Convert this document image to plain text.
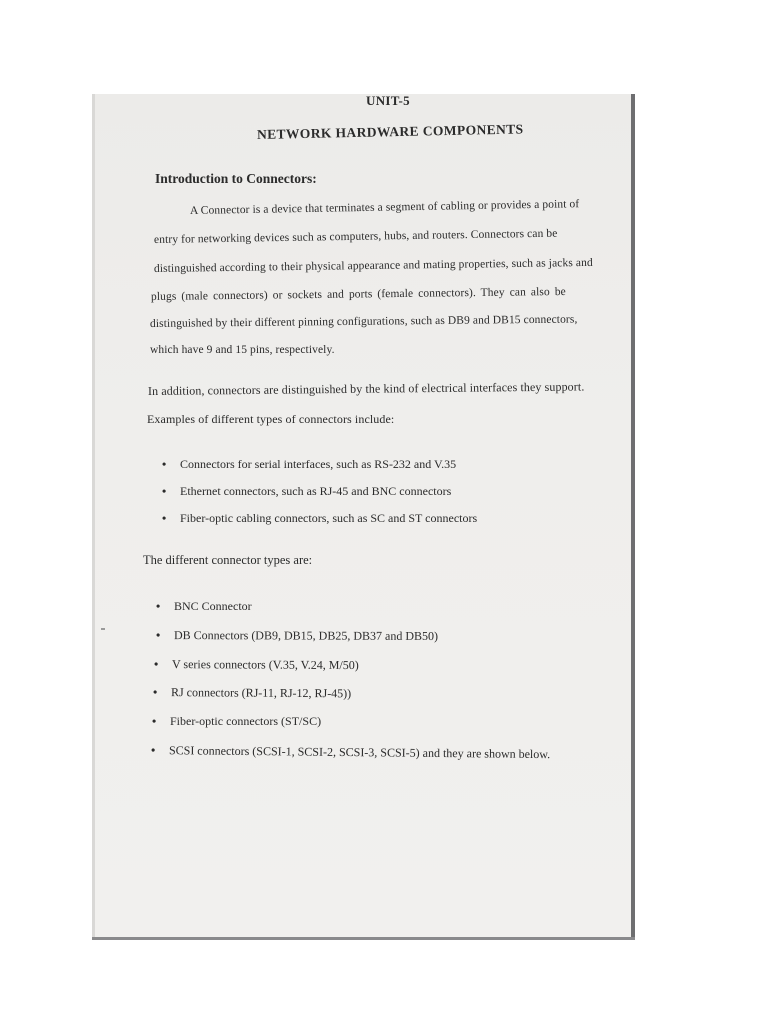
UNIT-5
NETWORK HARDWARE COMPONENTS
Introduction to Connectors:
A Connector is a device that terminates a segment of cabling or provides a point of
entry for networking devices such as computers, hubs, and routers. Connectors can be
distinguished according to their physical appearance and mating properties, such as jacks and
plugs (male connectors) or sockets and ports (female connectors). They can also be
distinguished by their different pinning configurations, such as DB9 and DB15 connectors,
which have 9 and 15 pins, respectively.
In addition, connectors are distinguished by the kind of electrical interfaces they support.
Examples of different types of connectors include:
• Connectors for serial interfaces, such as RS-232 and V.35
• Ethernet connectors, such as RJ-45 and BNC connectors
• Fiber-optic cabling connectors, such as SC and ST connectors
The different connector types are:
• BNC Connector
• DB Connectors (DB9, DB15, DB25, DB37 and DB50)
• V series connectors (V.35, V.24, M/50)
• RJ connectors (RJ-11, RJ-12, RJ-45))
• Fiber-optic connectors (ST/SC)
• SCSI connectors (SCSI-1, SCSI-2, SCSI-3, SCSI-5) and they are shown below.
